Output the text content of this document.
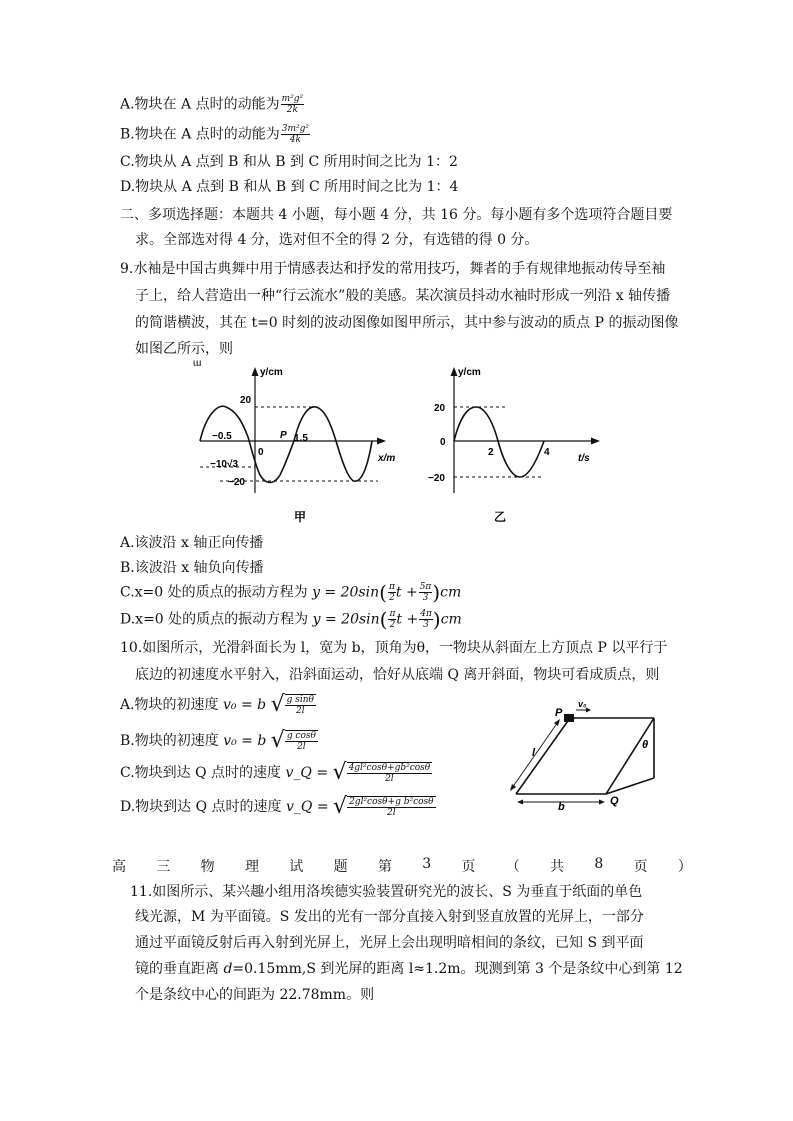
A.物块在 A 点时的动能为 $\frac{\text{m²g²}}{2k}$
B.物块在 A 点时的动能为 $\frac{\text{3m²g²}}{4k}$
C.物块从 A 点到 B 和从 B 到 C 所用时间之比为 1：2
D.物块从 A 点到 B 和从 B 到 C 所用时间之比为 1：4
二、多项选择题：本题共 4 小题，每小题 4 分，共 16 分。每小题有多个选项符合题目要
求。全部选对得 4 分，选对但不全的得 2 分，有选错的得 0 分。
9.水袖是中国古典舞中用于情感表达和抒发的常用技巧，舞者的手有规律地振动传导至袖
子上，给人营造出一种“行云流水”般的美感。某次演员抖动水袖时形成一列沿 x 轴传播
的简谐横波，其在 t=0 时刻的波动图像如图甲所示，其中参与波动的质点 P 的振动图像
如图乙所示，则
ɯ
y/cm
20
−0.5	P 1.5
0
−10√3
−20
x/m
甲
y/cm
20
0
2	4
−20
t/s
乙
A.该波沿 x 轴正向传播
B.该波沿 x 轴负向传播
C.x=0 处的质点的振动方程为 $y = 20\sin( \frac{\pi}{2}$ $t + \frac{5\pi}{3} )cm$
D.x=0 处的质点的振动方程为 $y = 20\sin( \frac{\pi}{2}$ $t + \frac{4\pi}{3} )cm$
10.如图所示，光滑斜面长为 l，宽为 b，顶角为θ，一物块从斜面左上方顶点 P 以平行于
底边的初速度水平射入，沿斜面运动，恰好从底端 Q 离开斜面，物块可看成质点，则
A.物块的初速度 v₀ = b √ $\frac{\text{g sinθ}}{2l}$
B.物块的初速度 v₀ = b √ $\frac{\text{g cosθ}}{2l}$
C.物块到达 Q 点时的速度 v_Q = √ $\frac{\text{4gl²cosθ+gb²cosθ}}{2l}$
D.物块到达 Q 点时的速度 v_Q = √ $\frac{\text{2gl²cosθ+g b²cosθ}}{2l}$
P
v₀
l
b	Q
θ
高 三 物 理 试 题 第 3 页 （ 共 8 页 ）
11.如图所示、某兴趣小组用洛埃德实验装置研究光的波长、S 为垂直于纸面的单色
线光源，M 为平面镜。S 发出的光有一部分直接入射到竖直放置的光屏上，一部分
通过平面镜反射后再入射到光屏上，光屏上会出现明暗相间的条纹，已知 S 到平面
镜的垂直距离 d=0.15mm,S 到光屏的距离 l≈1.2m。现测到第 3 个是条纹中心到第 12
个是条纹中心的间距为 22.78mm。则
